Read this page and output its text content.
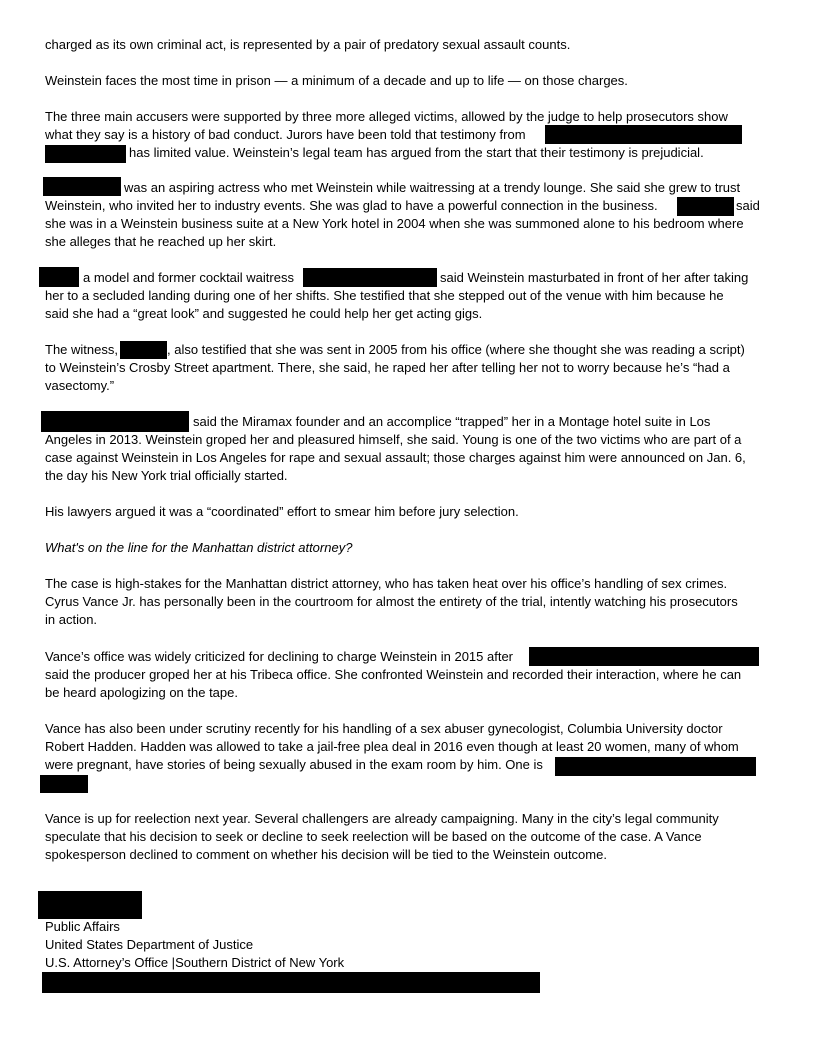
charged as its own criminal act, is represented by a pair of predatory sexual assault counts.
Weinstein faces the most time in prison — a minimum of a decade and up to life — on those charges.
The three main accusers were supported by three more alleged victims, allowed by the judge to help prosecutors show
what they say is a history of bad conduct. Jurors have been told that testimony from
has limited value. Weinstein’s legal team has argued from the start that their testimony is prejudicial.
was an aspiring actress who met Weinstein while waitressing at a trendy lounge. She said she grew to trust
Weinstein, who invited her to industry events. She was glad to have a powerful connection in the business.	said
she was in a Weinstein business suite at a New York hotel in 2004 when she was summoned alone to his bedroom where
she alleges that he reached up her skirt.
a model and former cocktail waitress	said Weinstein masturbated in front of her after taking
her to a secluded landing during one of her shifts. She testified that she stepped out of the venue with him because he
said she had a “great look” and suggested he could help her get acting gigs.
The witness,	, also testified that she was sent in 2005 from his office (where she thought she was reading a script)
to Weinstein’s Crosby Street apartment. There, she said, he raped her after telling her not to worry because he’s “had a
vasectomy.”
said the Miramax founder and an accomplice “trapped” her in a Montage hotel suite in Los
Angeles in 2013. Weinstein groped her and pleasured himself, she said. Young is one of the two victims who are part of a
case against Weinstein in Los Angeles for rape and sexual assault; those charges against him were announced on Jan. 6,
the day his New York trial officially started.
His lawyers argued it was a “coordinated” effort to smear him before jury selection.
What's on the line for the Manhattan district attorney?
The case is high-stakes for the Manhattan district attorney, who has taken heat over his office’s handling of sex crimes.
Cyrus Vance Jr. has personally been in the courtroom for almost the entirety of the trial, intently watching his prosecutors
in action.
Vance’s office was widely criticized for declining to charge Weinstein in 2015 after
said the producer groped her at his Tribeca office. She confronted Weinstein and recorded their interaction, where he can
be heard apologizing on the tape.
Vance has also been under scrutiny recently for his handling of a sex abuser gynecologist, Columbia University doctor
Robert Hadden. Hadden was allowed to take a jail-free plea deal in 2016 even though at least 20 women, many of whom
were pregnant, have stories of being sexually abused in the exam room by him. One is
Vance is up for reelection next year. Several challengers are already campaigning. Many in the city’s legal community
speculate that his decision to seek or decline to seek reelection will be based on the outcome of the case. A Vance
spokesperson declined to comment on whether his decision will be tied to the Weinstein outcome.
Public Affairs
United States Department of Justice
U.S. Attorney’s Office |Southern District of New York
